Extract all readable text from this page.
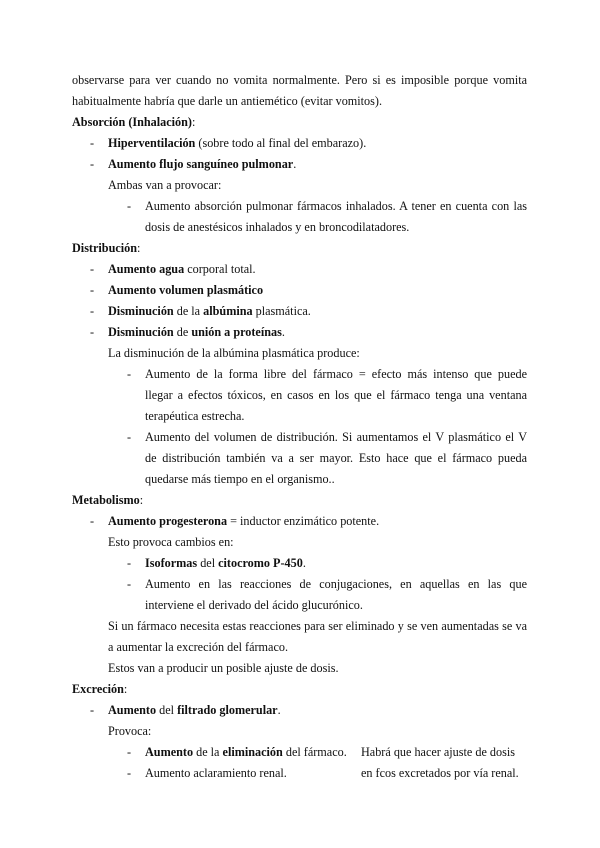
observarse para ver cuando no vomita normalmente. Pero si es imposible porque vomita
habitualmente habría que darle un antiemético (evitar vomitos).
Absorción (Inhalación):
- Hiperventilación (sobre todo al final del embarazo).
- Aumento flujo sanguíneo pulmonar.
Ambas van a provocar:
- Aumento absorción pulmonar fármacos inhalados. A tener en cuenta con las
dosis de anestésicos inhalados y en broncodilatadores.
Distribución:
- Aumento agua corporal total.
- Aumento volumen plasmático
- Disminución de la albúmina plasmática.
- Disminución de unión a proteínas.
La disminución de la albúmina plasmática produce:
- Aumento de la forma libre del fármaco = efecto más intenso que puede
llegar a efectos tóxicos, en casos en los que el fármaco tenga una ventana
terapéutica estrecha.
- Aumento del volumen de distribución. Si aumentamos el V plasmático el V
de distribución también va a ser mayor. Esto hace que el fármaco pueda
quedarse más tiempo en el organismo..
Metabolismo:
- Aumento progesterona = inductor enzimático potente.
Esto provoca cambios en:
- Isoformas del citocromo P-450.
- Aumento en las reacciones de conjugaciones, en aquellas en las que
interviene el derivado del ácido glucurónico.
Si un fármaco necesita estas reacciones para ser eliminado y se ven aumentadas se va
a aumentar la excreción del fármaco.
Estos van a producir un posible ajuste de dosis.
Excreción:
- Aumento del filtrado glomerular.
Provoca:
- Aumento de la eliminación del fármaco.
- Aumento aclaramiento renal.
Habrá que hacer ajuste de dosis
en fcos excretados por vía renal.
